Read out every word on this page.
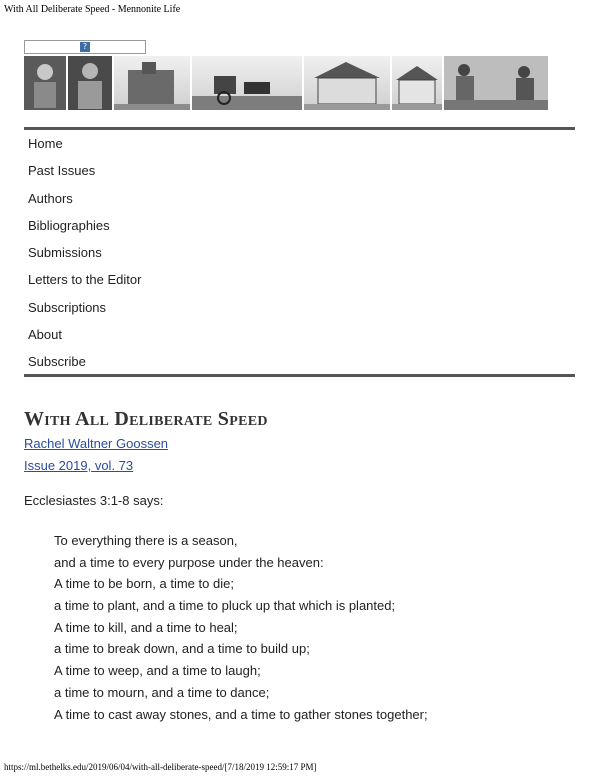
With All Deliberate Speed - Mennonite Life
?
Home
Past Issues
Authors
Bibliographies
Submissions
Letters to the Editor
Subscriptions
About
Subscribe
With All Deliberate Speed
Rachel Waltner Goossen
Issue 2019, vol. 73
Ecclesiastes 3:1-8 says:
To everything there is a season,
and a time to every purpose under the heaven:
A time to be born, a time to die;
a time to plant, and a time to pluck up that which is planted;
A time to kill, and a time to heal;
a time to break down, and a time to build up;
A time to weep, and a time to laugh;
a time to mourn, and a time to dance;
A time to cast away stones, and a time to gather stones together;
https://ml.bethelks.edu/2019/06/04/with-all-deliberate-speed/[7/18/2019 12:59:17 PM]
